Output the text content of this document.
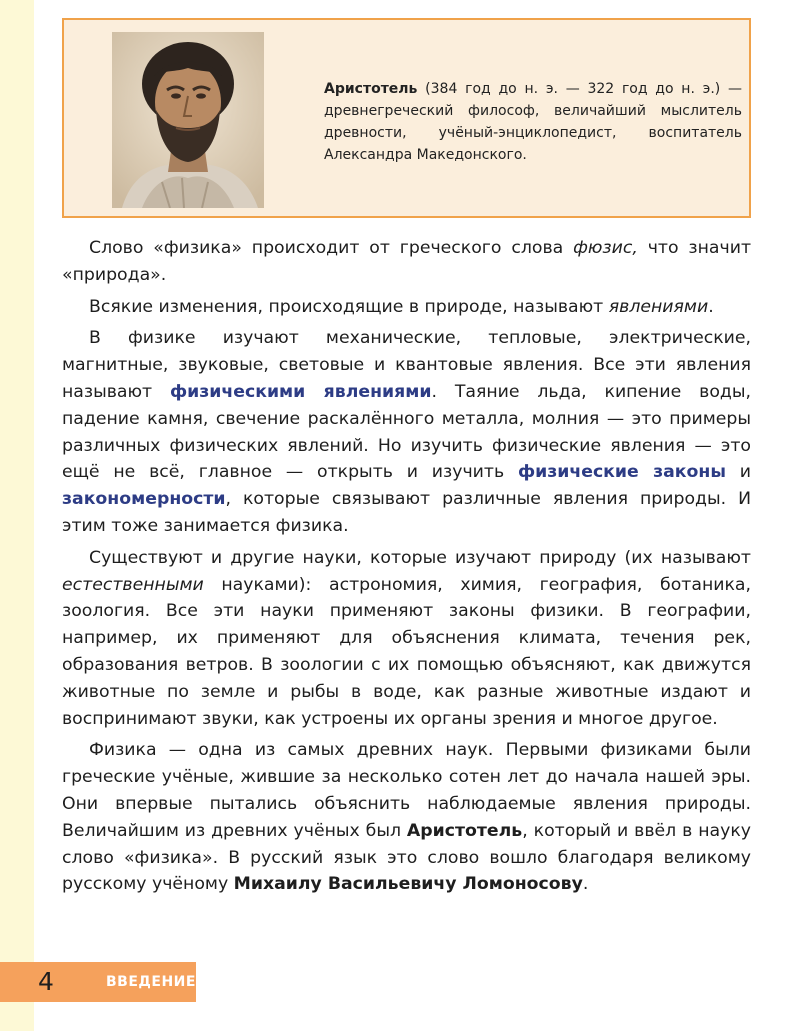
Аристотель (384 год до н. э. — 322 год до н. э.) — древнегреческий философ, величайший мыслитель древности, учёный-энциклопедист, воспитатель Александра Македонского.

Слово «физика» происходит от греческого слова фюзис, что значит «природа».

Всякие изменения, происходящие в природе, называют явлениями.

В физике изучают механические, тепловые, электрические, магнитные, звуковые, световые и квантовые явления. Все эти явления называют физическими явлениями. Таяние льда, кипение воды, падение камня, свечение раскалённого металла, молния — это примеры различных физических явлений. Но изучить физические явления — это ещё не всё, главное — открыть и изучить физические законы и закономерности, которые связывают различные явления природы. И этим тоже занимается физика.

Существуют и другие науки, которые изучают природу (их называют естественными науками): астрономия, химия, география, ботаника, зоология. Все эти науки применяют законы физики. В географии, например, их применяют для объяснения климата, течения рек, образования ветров. В зоологии с их помощью объясняют, как движутся животные по земле и рыбы в воде, как разные животные издают и воспринимают звуки, как устроены их органы зрения и многое другое.

Физика — одна из самых древних наук. Первыми физиками были греческие учёные, жившие за несколько сотен лет до начала нашей эры. Они впервые пытались объяснить наблюдаемые явления природы. Величайшим из древних учёных был Аристотель, который и ввёл в науку слово «физика». В русский язык это слово вошло благодаря великому русскому учёному Михаилу Васильевичу Ломоносову.

4	ВВЕДЕНИЕ
